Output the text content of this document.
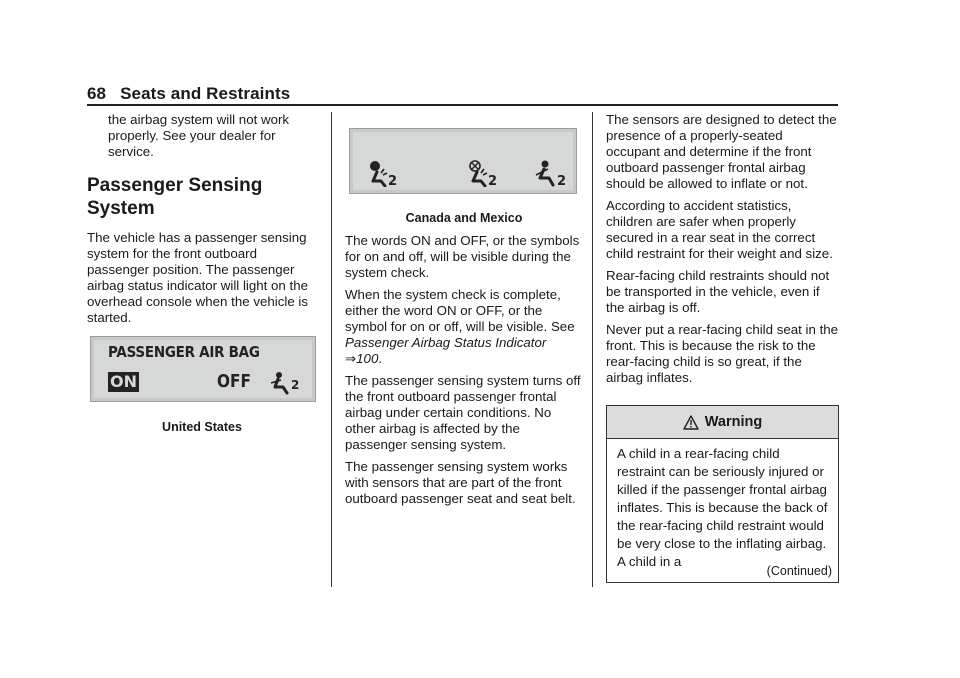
68 Seats and Restraints

the airbag system will not work properly. See your dealer for service.

Passenger Sensing System

The vehicle has a passenger sensing system for the front outboard passenger position. The passenger airbag status indicator will light on the overhead console when the vehicle is started.

PASSENGER AIR BAG
ON	OFF	2
United States
2	2	2
Canada and Mexico

The words ON and OFF, or the symbols for on and off, will be visible during the system check.

When the system check is complete, either the word ON or OFF, or the symbol for on or off, will be visible. See Passenger Airbag Status Indicator ⇒100.

The passenger sensing system turns off the front outboard passenger frontal airbag under certain conditions. No other airbag is affected by the passenger sensing system.

The passenger sensing system works with sensors that are part of the front outboard passenger seat and seat belt.

The sensors are designed to detect the presence of a properly-seated occupant and determine if the front outboard passenger frontal airbag should be allowed to inflate or not.

According to accident statistics, children are safer when properly secured in a rear seat in the correct child restraint for their weight and size.

Rear-facing child restraints should not be transported in the vehicle, even if the airbag is off.

Never put a rear-facing child seat in the front. This is because the risk to the rear-facing child is so great, if the airbag inflates.

Warning
A child in a rear-facing child restraint can be seriously injured or killed if the passenger frontal airbag inflates. This is because the back of the rear-facing child restraint would be very close to the inflating airbag. A child in a
(Continued)
